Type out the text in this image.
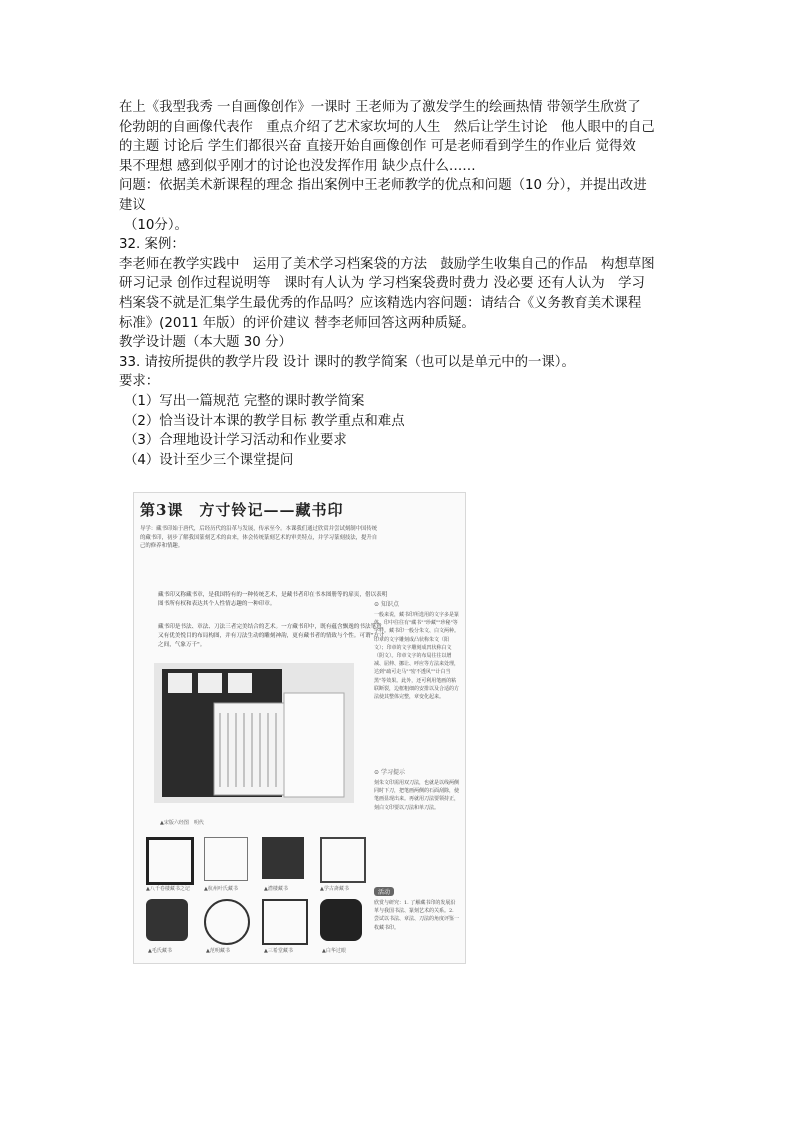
在上《我型我秀 一自画像创作》一课时 王老师为了激发学生的绘画热情 带领学生欣赏了

伦勃朗的自画像代表作　重点介绍了艺术家坎坷的人生　然后让学生讨论　他人眼中的自己

的主题 讨论后 学生们都很兴奋 直接开始自画像创作 可是老师看到学生的作业后 觉得效

果不理想 感到似乎刚才的讨论也没发挥作用 缺少点什么……

问题：依据美术新课程的理念 指出案例中王老师教学的优点和问题（10 分），并提出改进

建议

（10分）。

32. 案例：

李老师在教学实践中　运用了美术学习档案袋的方法　鼓励学生收集自己的作品　构想草图

研习记录 创作过程说明等　课时有人认为 学习档案袋费时费力 没必要 还有人认为　学习

档案袋不就是汇集学生最优秀的作品吗？应该精选内容问题：请结合《义务教育美术课程

标准》(2011 年版）的评价建议 替李老师回答这两种质疑。

教学设计题（本大题 30 分）

33. 请按所提供的教学片段 设计 课时的教学简案（也可以是单元中的一课）。

要求：

（1）写出一篇规范 完整的课时教学简案

（2）恰当设计本课的教学目标 教学重点和难点

（3）合理地设计学习活动和作业要求

（4）设计至少三个课堂提问

第3课　方寸铃记——藏书印
导学：藏书印始于唐代，后经历代的沿革与发展，传承至今。本课我们通过欣赏并尝试刻制中国传统的藏书印，初步了解我国篆刻艺术的由来，体会传统篆刻艺术的审美特点，并学习篆刻技法，提升自己的修养和情趣。
藏书印又称藏书章，是我国特有的一种传统艺术，是藏书者印在书本图册等的扉页，借以表明图书所有权和表达其个人性情志趣的一种印章。
藏书印是书法、章法、刀法三者完美结合的艺术。一方藏书印中，既有蕴含飘逸的书法笔意，又有优美悦目的布局构图，并有刀法生动的雕刻神韵，更有藏书者的情致与个性。可谓"方寸之间，气象万千"。
⊙ 知识点
一般来说，藏书印所选用的文字多是篆体，印中往往有"藏书""珍藏""珍秘"等字样。藏书印一般分朱文、白文两种。印章的文字雕刻成凸状称朱文（阳文）；印章的文字雕刻成凹状称白文（阴文）。印章文字的布局往往以增减、屈伸、挪让、呼应等方法来处理，达到"疏可走马""密不透风""计白当黑"等效果。此外，还可利用笔画的粘联断裂，边框粗细的安排以及合适的方法使其整体完整，章变化起来。
⊙ 学习提示
刻朱文印需用双刀法，也就是以线两侧同时下刀，把笔画两侧的石面刮除，使笔画显现出来。再就用刀法要领持正，刻白文印要以刀法和单刀法。
▲宋版六经图　明代
▲八千卷楼藏书之记	▲杭州叶氏藏书	▲潜楼藏书	▲学古斋藏书
▲毛氏藏书	▲范明藏书	▲三希堂藏书	▲白华过眼
活动
欣赏与研究：1. 了解藏书印的发展沿革与我国书法、篆刻艺术的关系。2. 尝试以书法、章法、刀法的角度评鉴一枚藏书印。
